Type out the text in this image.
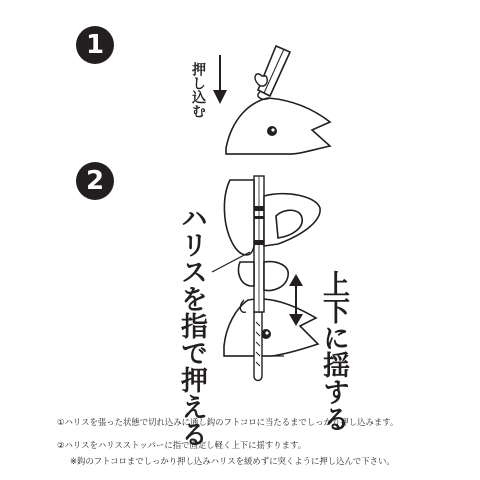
1
2
押し込む
ハリスを指で押える	上下に揺する
①ハリスを張った状態で切れ込みに通し鈎のフトコロに当たるまでしっかり押し込みます。
②ハリスをハリスストッパーに指で固定し軽く上下に揺すります。
※鈎のフトコロまでしっかり押し込みハリスを緩めずに突くように押し込んで下さい。
